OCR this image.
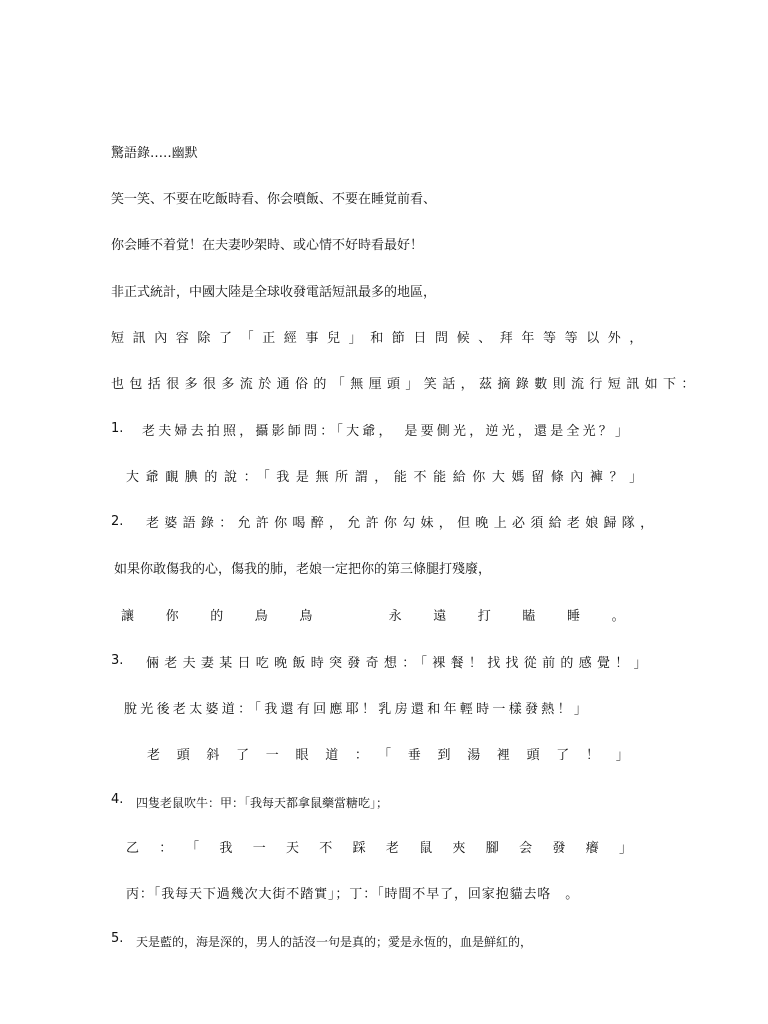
驚語錄…‥幽默
笑一笑、不要在吃飯時看、你会噴飯、不要在睡覚前看、
你会睡不着覚！在夫妻吵架時、或心情不好時看最好！
非正式統計，中國大陸是全球收發電話短訊最多的地區，
短訊內容除了「正經事兒」和節日問候、拜年等等以外，
也包括很多很多流於通俗的「無厘頭」笑話，茲摘錄數則流行短訊如下：
1. 老夫婦去拍照，攝影師問：「大爺，　是要側光，逆光，還是全光？」
大爺靦腆的說：「我是無所謂，能不能給你大媽留條內褲？」
2. 老婆語錄：允許你喝醉，允許你勾妹，但晚上必須給老娘歸隊，
如果你敢傷我的心，傷我的肺，老娘一定把你的第三條腿打殘廢，
讓你的鳥鳥　永遠打瞌睡。
3. 倆老夫妻某日吃晚飯時突發奇想：「裸餐！找找從前的感覺！」
脫光後老太婆道：「我還有回應耶！乳房還和年輕時一樣發熱！」
老頭斜了一眼道：「垂到湯裡頭了！」
4. 四隻老鼠吹牛：甲：「我每天都拿鼠藥當糖吃」；
乙：「我一天不踩老鼠夾腳会發癢」
丙：「我每天下過幾次大街不踏實」；丁：「時間不早了，回家抱貓去咯　。
5. 天是藍的，海是深的，男人的話沒一句是真的；愛是永恆的，血是鮮紅的，
